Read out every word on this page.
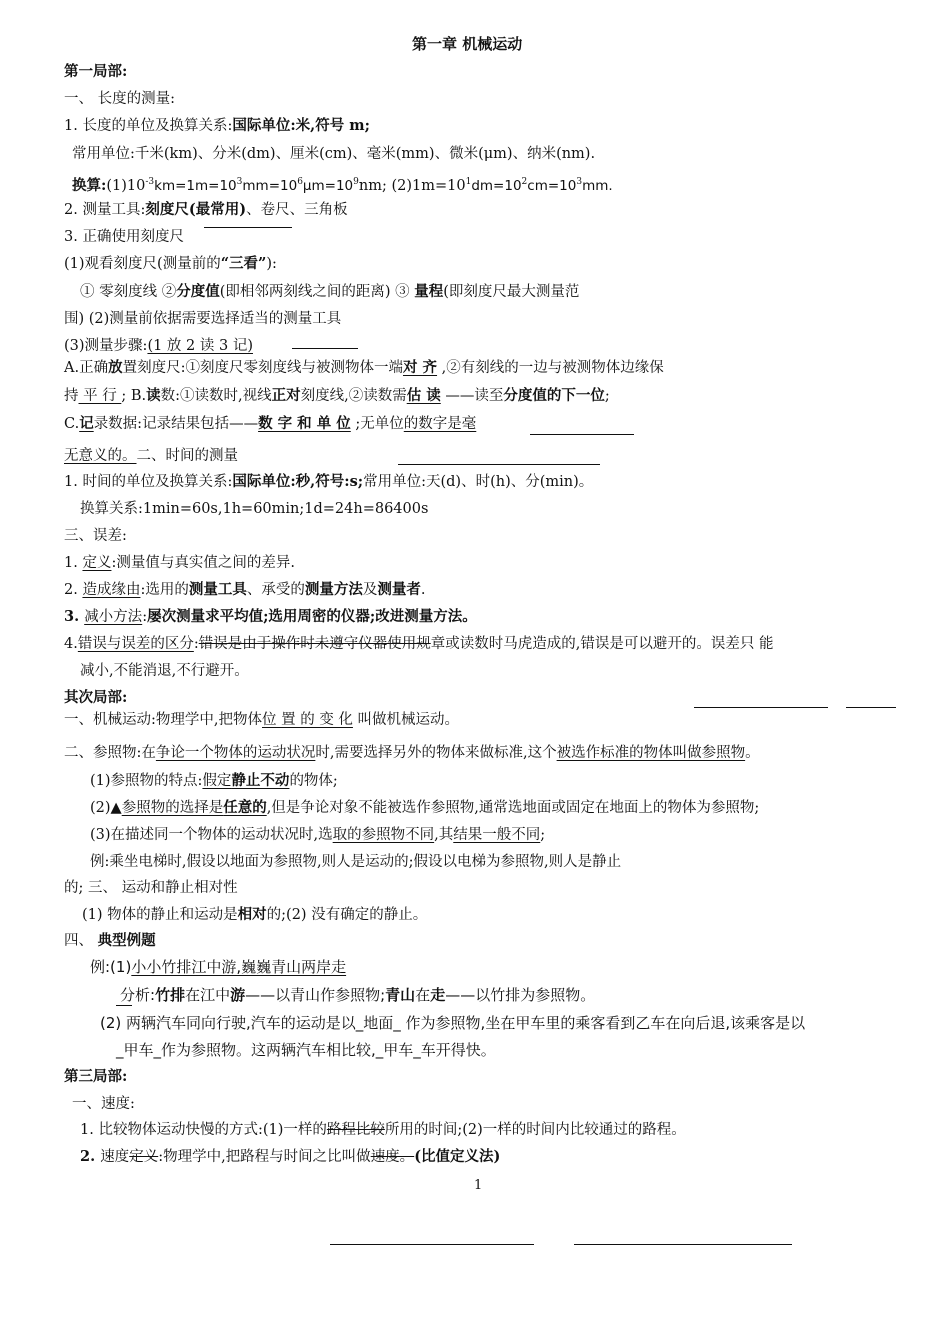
第一章 机械运动
第一局部:
一、 长度的测量:
1. 长度的单位及换算关系:国际单位:米,符号 m;
常用单位:千米(km)、分米(dm)、厘米(cm)、毫米(mm)、微米(μm)、纳米(nm).
换算$:(1)10^{-3}km=1m=10^3mm=10^6\mu m=10^9nm$; $(2)1m=10^1dm=10^2cm=10^3mm$.
2. 测量工具:刻度尺(最常用)、卷尺、三角板
3. 正确使用刻度尺
(1)观看刻度尺(测量前的“三看”):
① 零刻度线 ②分度值(即相邻两刻线之间的距离) ③ 量程(即刻度尺最大测量范
围) (2)测量前依据需要选择适当的测量工具
(3)测量步骤:(1 放 2 读 3 记)
A.正确放置刻度尺:①刻度尺零刻度线与被测物体一端对 齐 ,②有刻线的一边与被测物体边缘保
持 平 行 ; B.读数:①读数时,视线正对刻度线,②读数需估 读 ——读至分度值的下一位;
C.记录数据:记录结果包括——数 字 和 单 位 ;无单位的数字是毫
无意义的。二、时间的测量
1. 时间的单位及换算关系:国际单位:秒,符号:s;常用单位:天(d)、时(h)、分(min)。
换算关系:1min=60s,1h=60min;1d=24h=86400s
三、误差:
1. 定义:测量值与真实值之间的差异.
2. 造成缘由:选用的测量工具、承受的测量方法及测量者.
3. 减小方法:屡次测量求平均值;选用周密的仪器;改进测量方法。
4.错误与误差的区分:错误是由于操作时未遵守仪器使用规章或读数时马虎造成的,错误是可以避开的。误差只 能
减小,不能消退,不行避开。
其次局部:
一、机械运动:物理学中,把物体位 置 的 变 化 叫做机械运动。
二、参照物:在争论一个物体的运动状况时,需要选择另外的物体来做标准,这个被选作标准的物体叫做参照物。
(1)参照物的特点:假定静止不动的物体;
(2)▲参照物的选择是任意的,但是争论对象不能被选作参照物,通常选地面或固定在地面上的物体为参照物;
(3)在描述同一个物体的运动状况时,选取的参照物不同,其结果一般不同;
例:乘坐电梯时,假设以地面为参照物,则人是运动的;假设以电梯为参照物,则人是静止
的; 三、 运动和静止相对性
(1) 物体的静止和运动是相对的;(2) 没有确定的静止。
四、 典型例题
例:(1)小小竹排江中游,巍巍青山两岸走
分析:竹排在江中游——以青山作参照物;青山在走——以竹排为参照物。
(2) 两辆汽车同向行驶,汽车的运动是以_地面_ 作为参照物,坐在甲车里的乘客看到乙车在向后退,该乘客是以
_甲车_作为参照物。这两辆汽车相比较,_甲车_车开得快。
第三局部:
一、速度:
1. 比较物体运动快慢的方式:(1)一样的路程比较所用的时间;(2)一样的时间内比较通过的路程。
2. 速度定义:物理学中,把路程与时间之比叫做速度。(比值定义法)
1
